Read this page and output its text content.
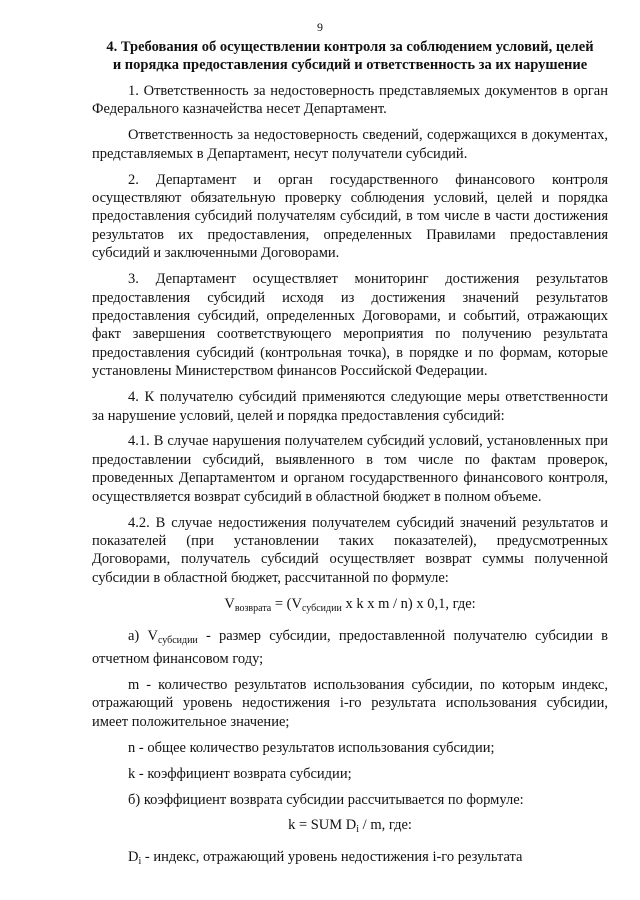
9
4. Требования об осуществлении контроля за соблюдением условий, целей
и порядка предоставления субсидий и ответственность за их нарушение

1. Ответственность за недостоверность представляемых документов в орган Федерального казначейства несет Департамент.

Ответственность за недостоверность сведений, содержащихся в документах, представляемых в Департамент, несут получатели субсидий.

2. Департамент и орган государственного финансового контроля осуществляют обязательную проверку соблюдения условий, целей и порядка предоставления субсидий получателям субсидий, в том числе в части достижения результатов их предоставления, определенных Правилами предоставления субсидий и заключенными Договорами.

3. Департамент осуществляет мониторинг достижения результатов предоставления субсидий исходя из достижения значений результатов предоставления субсидий, определенных Договорами, и событий, отражающих факт завершения соответствующего мероприятия по получению результата предоставления субсидий (контрольная точка), в порядке и по формам, которые установлены Министерством финансов Российской Федерации.

4. К получателю субсидий применяются следующие меры ответственности за нарушение условий, целей и порядка предоставления субсидий:

4.1. В случае нарушения получателем субсидий условий, установленных при предоставлении субсидий, выявленного в том числе по фактам проверок, проведенных Департаментом и органом государственного финансового контроля, осуществляется возврат субсидий в областной бюджет в полном объеме.

4.2. В случае недостижения получателем субсидий значений результатов и показателей (при установлении таких показателей), предусмотренных Договорами, получатель субсидий осуществляет возврат суммы полученной субсидии в областной бюджет, рассчитанной по формуле:

$V_{возврата} = (V_{субсидии}$ x k x m / n) x 0,1, где:

а) $V_{субсидии}$ - размер субсидии, предоставленной получателю субсидии в отчетном финансовом году;

m - количество результатов использования субсидии, по которым индекс, отражающий уровень недостижения i-го результата использования субсидии, имеет положительное значение;

n - общее количество результатов использования субсидии;

k - коэффициент возврата субсидии;

б) коэффициент возврата субсидии рассчитывается по формуле:

k = SUM $D_i$ / m, где:

$D_i$ - индекс, отражающий уровень недостижения i-го результата
